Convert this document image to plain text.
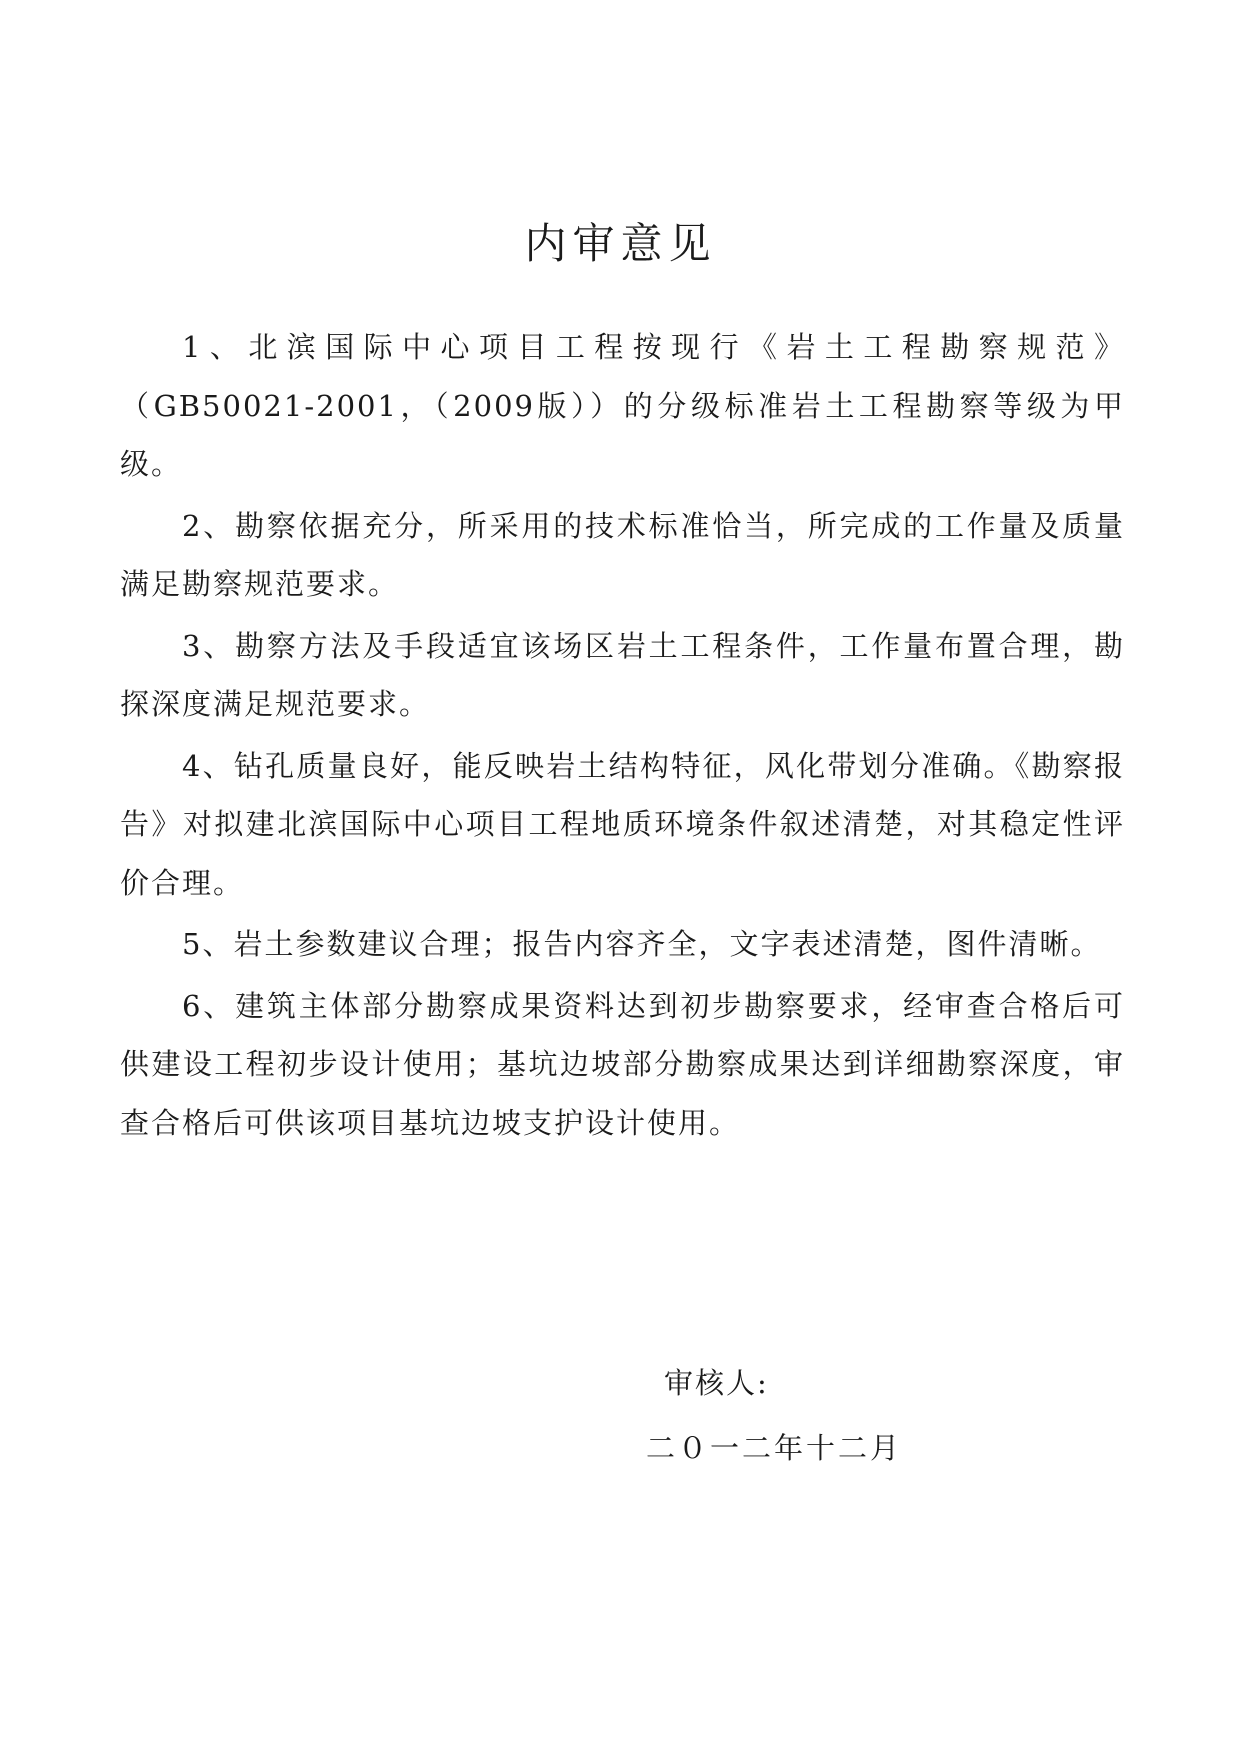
内审意见

1、北滨国际中心项目工程按现行《岩土工程勘察规范》（GB50021-2001，（2009版））的分级标准岩土工程勘察等级为甲级。

2、勘察依据充分，所采用的技术标准恰当，所完成的工作量及质量满足勘察规范要求。

3、勘察方法及手段适宜该场区岩土工程条件，工作量布置合理，勘探深度满足规范要求。

4、钻孔质量良好，能反映岩土结构特征，风化带划分准确。《勘察报告》对拟建北滨国际中心项目工程地质环境条件叙述清楚，对其稳定性评价合理。

5、岩土参数建议合理；报告内容齐全，文字表述清楚，图件清晰。

6、建筑主体部分勘察成果资料达到初步勘察要求，经审查合格后可供建设工程初步设计使用；基坑边坡部分勘察成果达到详细勘察深度，审查合格后可供该项目基坑边坡支护设计使用。

审核人:
二０一二年十二月
